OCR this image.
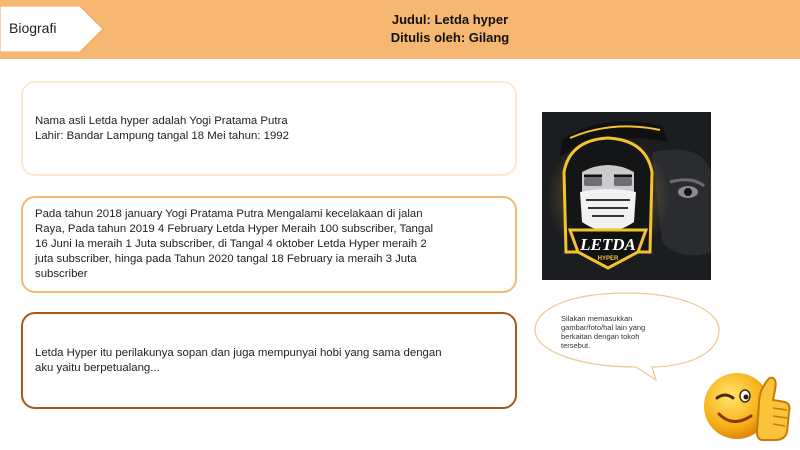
Biografi
Judul: Letda hyper
Ditulis oleh: Gilang
Nama asli Letda hyper adalah Yogi Pratama Putra
Lahir: Bandar Lampung tangal 18 Mei tahun: 1992
Pada tahun 2018 january Yogi Pratama Putra Mengalami kecelakaan di jalan
Raya, Pada tahun 2019 4 February Letda Hyper Meraih 100 subscriber, Tangal
16 Juni Ia meraih 1 Juta subscriber, di Tangal 4 oktober Letda Hyper meraih 2
juta subscriber, hinga pada Tahun 2020 tangal 18 February ia meraih 3 Juta
subscriber
Letda Hyper itu perilakunya sopan dan juga mempunyai hobi yang sama dengan
aku yaitu berpetualang...
LETDA
HYPER
Silakan memasukkan
gambar/foto/hal lain yang
berkaitan dengan tokoh
tersebut.
